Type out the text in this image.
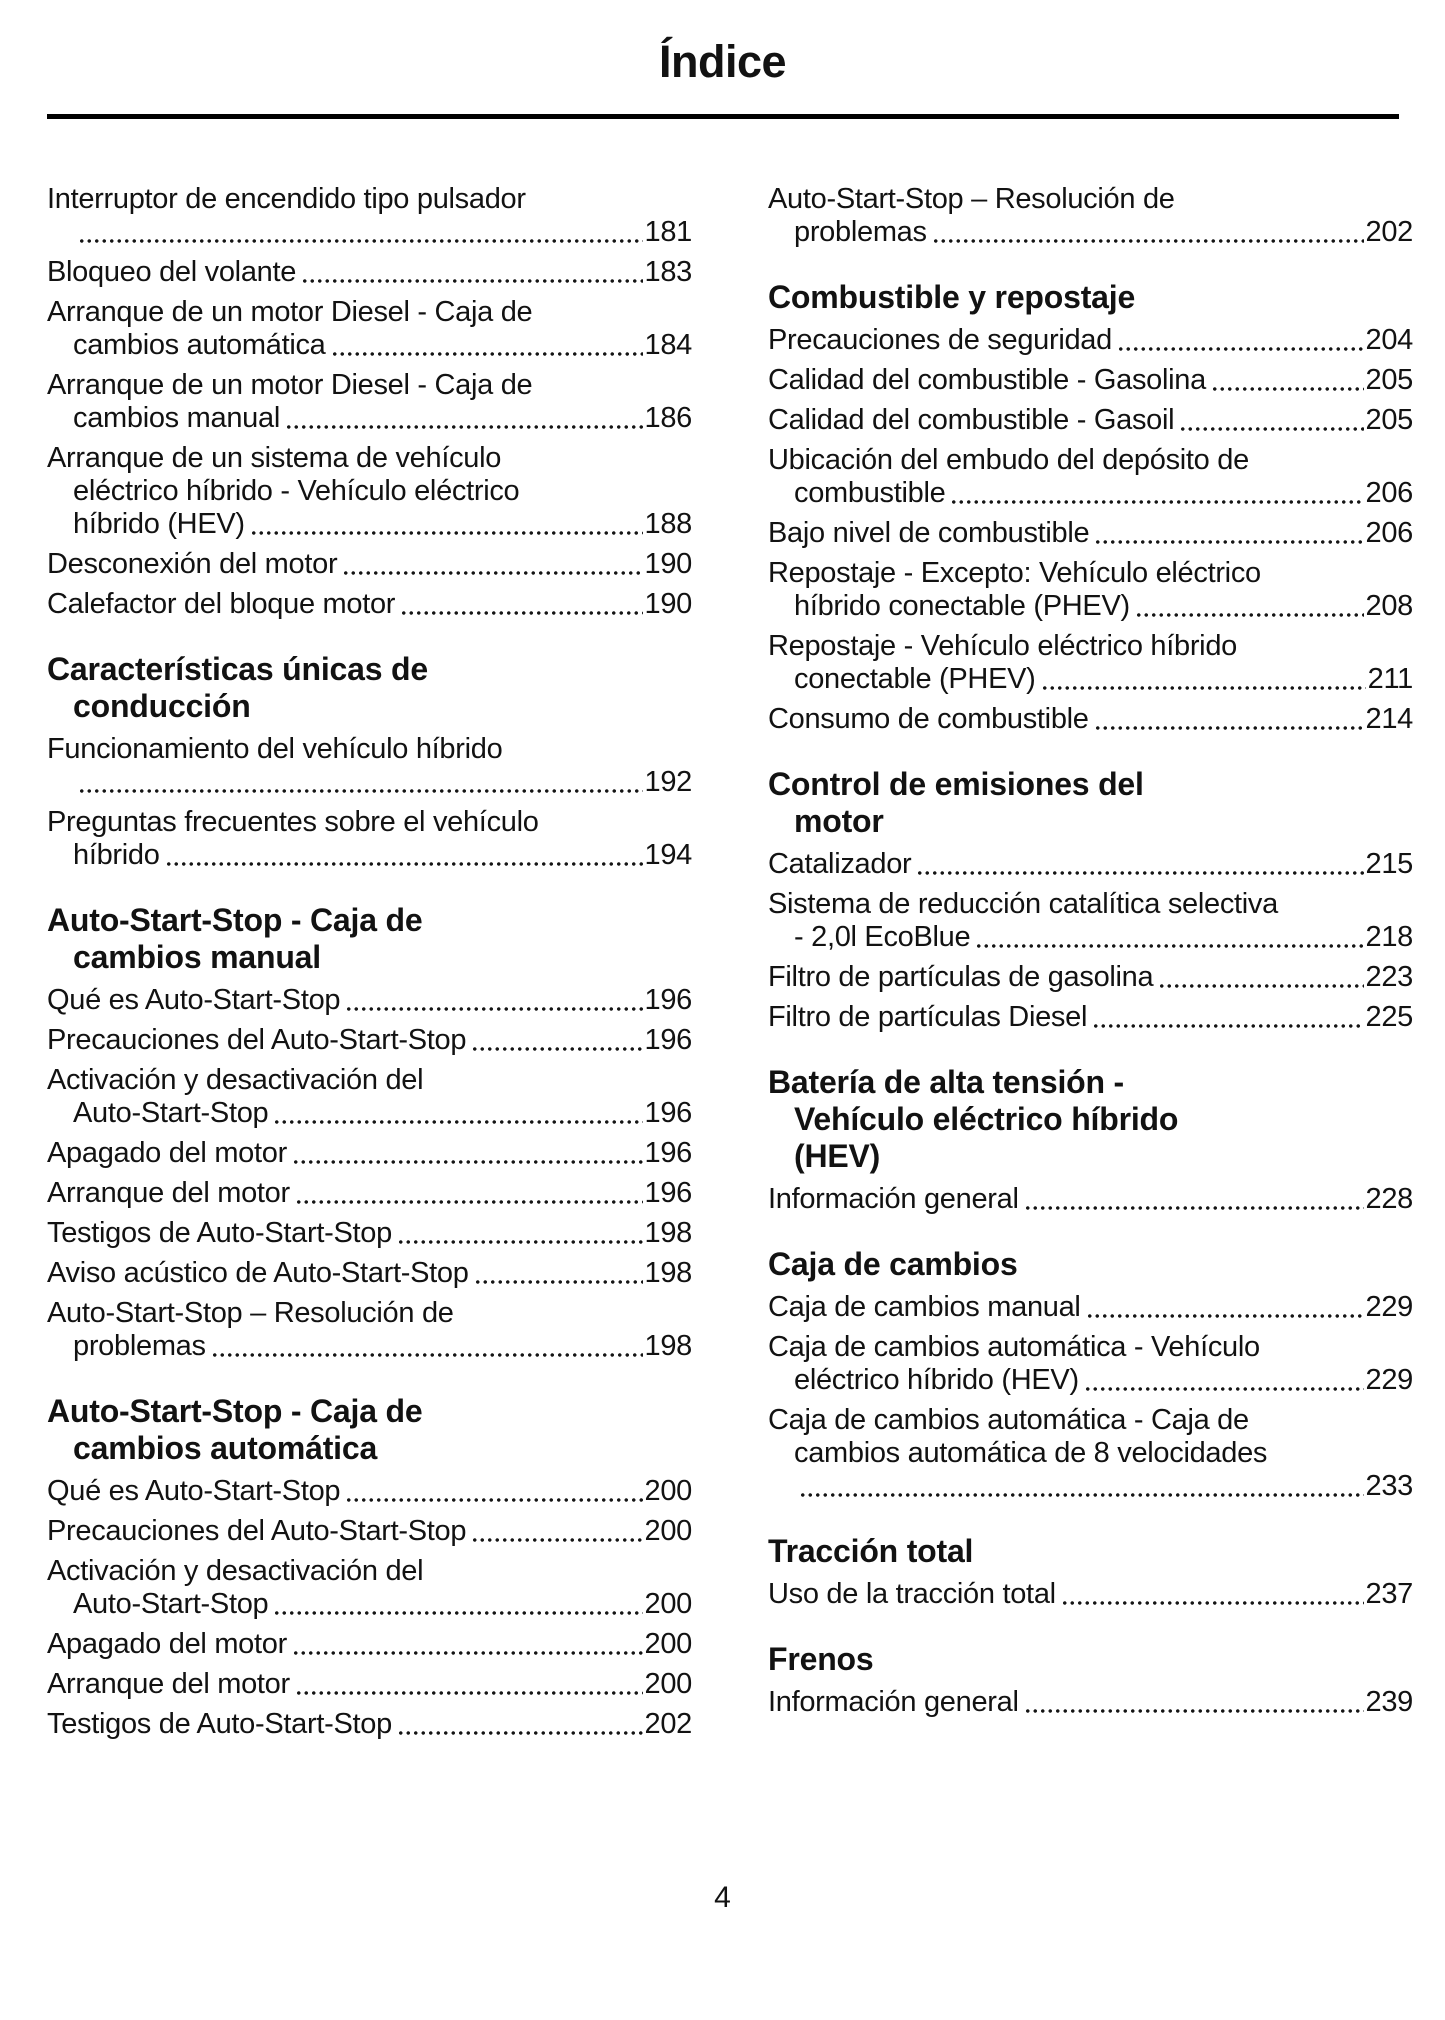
Índice
Interruptor de encendido tipo pulsador
181
Bloqueo del volante	183
Arranque de un motor Diesel - Caja de
cambios automática	184
Arranque de un motor Diesel - Caja de
cambios manual	186
Arranque de un sistema de vehículo
eléctrico híbrido - Vehículo eléctrico
híbrido (HEV)	188
Desconexión del motor	190
Calefactor del bloque motor	190
Características únicas de
conducción
Funcionamiento del vehículo híbrido
192
Preguntas frecuentes sobre el vehículo
híbrido	194
Auto-Start-Stop - Caja de
cambios manual
Qué es Auto-Start-Stop	196
Precauciones del Auto-Start-Stop	196
Activación y desactivación del
Auto-Start-Stop	196
Apagado del motor	196
Arranque del motor	196
Testigos de Auto-Start-Stop	198
Aviso acústico de Auto-Start-Stop	198
Auto-Start-Stop – Resolución de
problemas	198
Auto-Start-Stop - Caja de
cambios automática
Qué es Auto-Start-Stop	200
Precauciones del Auto-Start-Stop	200
Activación y desactivación del
Auto-Start-Stop	200
Apagado del motor	200
Arranque del motor	200
Testigos de Auto-Start-Stop	202
Auto-Start-Stop – Resolución de
problemas	202
Combustible y repostaje
Precauciones de seguridad	204
Calidad del combustible - Gasolina	205
Calidad del combustible - Gasoil	205
Ubicación del embudo del depósito de
combustible	206
Bajo nivel de combustible	206
Repostaje - Excepto: Vehículo eléctrico
híbrido conectable (PHEV)	208
Repostaje - Vehículo eléctrico híbrido
conectable (PHEV)	211
Consumo de combustible	214
Control de emisiones del
motor
Catalizador	215
Sistema de reducción catalítica selectiva
- 2,0l EcoBlue	218
Filtro de partículas de gasolina	223
Filtro de partículas Diesel	225
Batería de alta tensión -
Vehículo eléctrico híbrido
(HEV)
Información general	228
Caja de cambios
Caja de cambios manual	229
Caja de cambios automática - Vehículo
eléctrico híbrido (HEV)	229
Caja de cambios automática - Caja de
cambios automática de 8 velocidades
233
Tracción total
Uso de la tracción total	237
Frenos
Información general	239
4
